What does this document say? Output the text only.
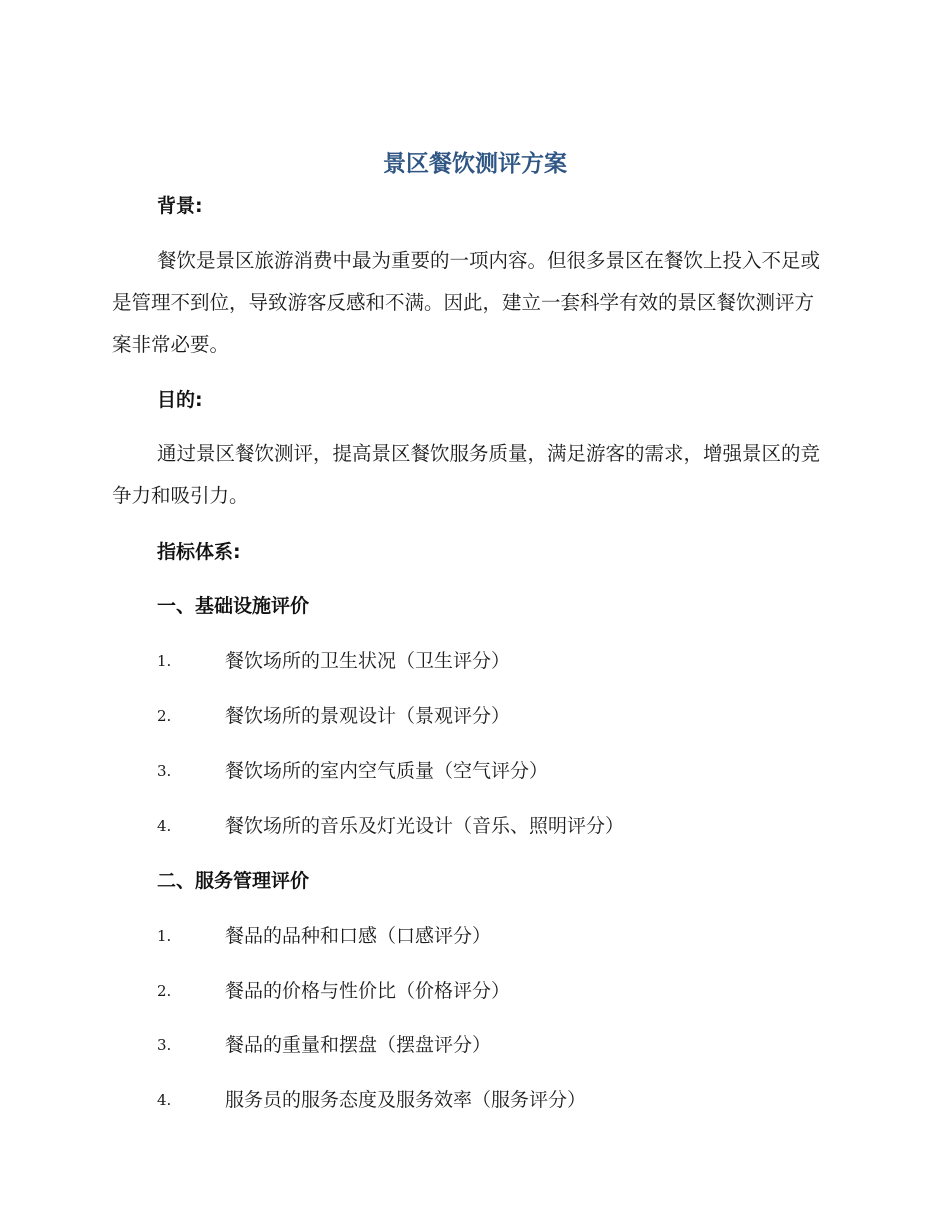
景区餐饮测评方案
背景:
餐饮是景区旅游消费中最为重要的一项内容。但很多景区在餐饮上投入不足或是管理不到位，导致游客反感和不满。因此，建立一套科学有效的景区餐饮测评方案非常必要。
目的:
通过景区餐饮测评，提高景区餐饮服务质量，满足游客的需求，增强景区的竞争力和吸引力。
指标体系:
一、基础设施评价
1.	餐饮场所的卫生状况（卫生评分）
2.	餐饮场所的景观设计（景观评分）
3.	餐饮场所的室内空气质量（空气评分）
4.	餐饮场所的音乐及灯光设计（音乐、照明评分）
二、服务管理评价
1.	餐品的品种和口感（口感评分）
2.	餐品的价格与性价比（价格评分）
3.	餐品的重量和摆盘（摆盘评分）
4.	服务员的服务态度及服务效率（服务评分）
